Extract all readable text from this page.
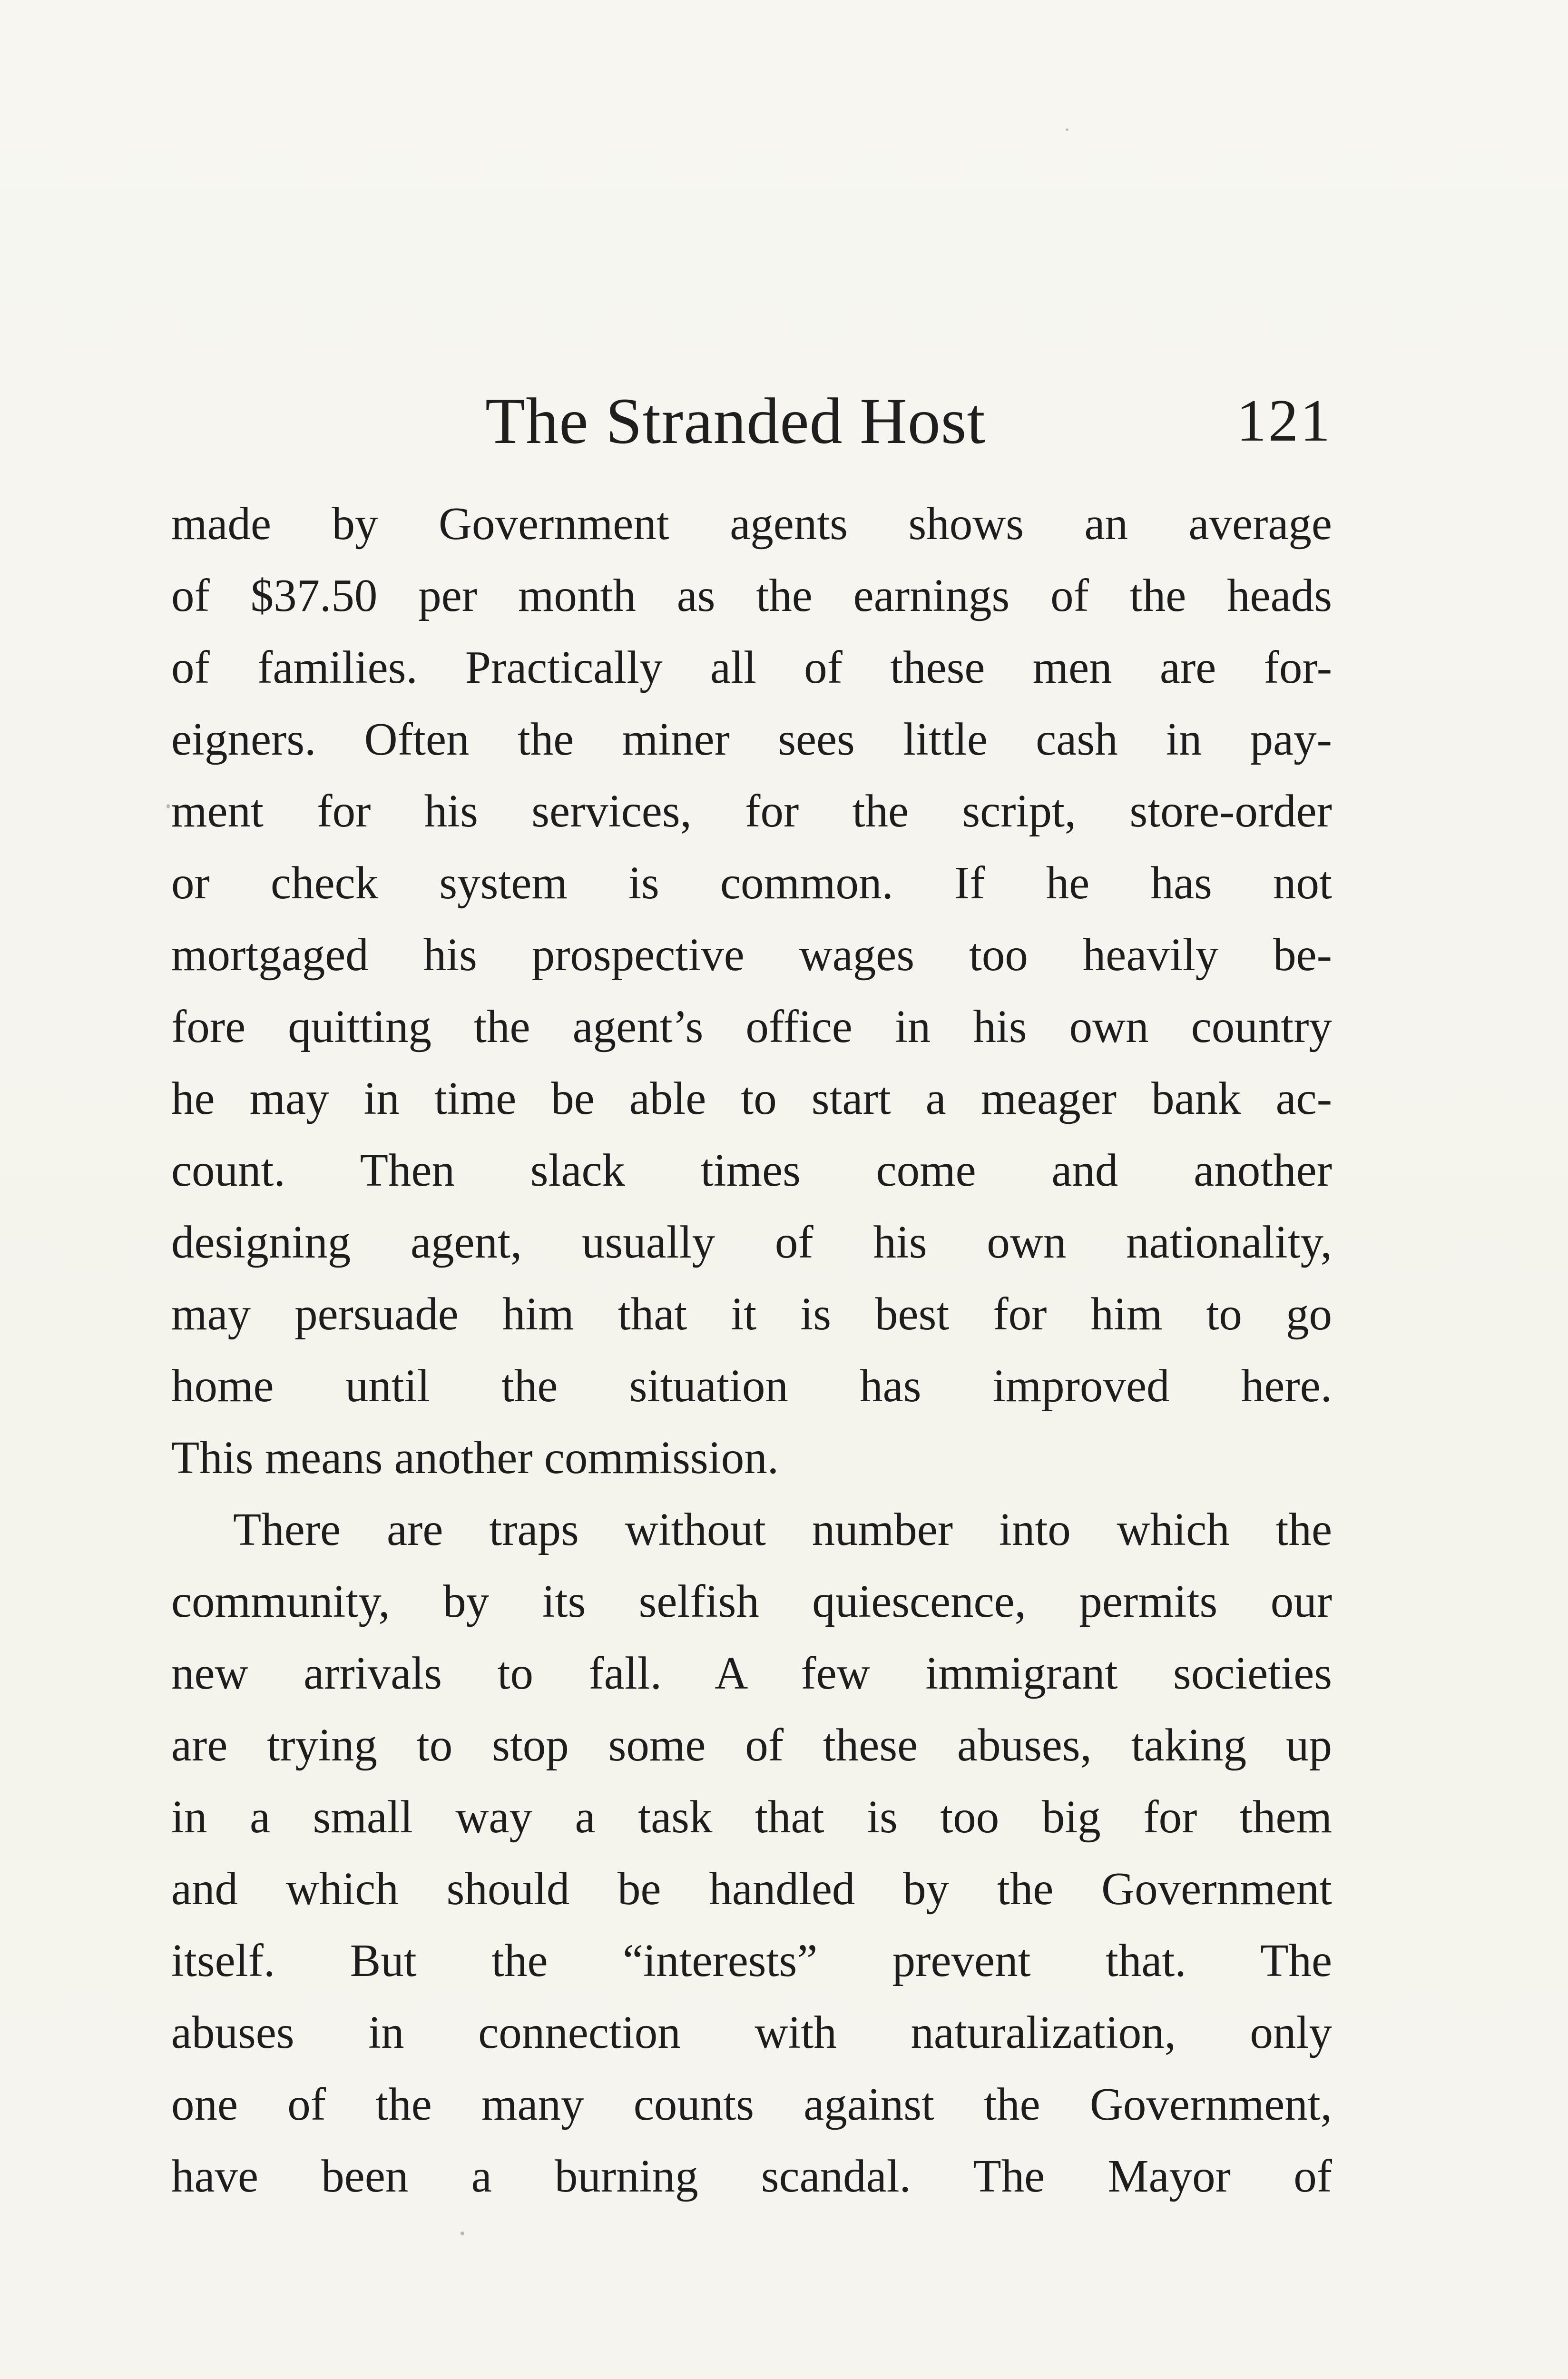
The Stranded Host	121
made by Government agents shows an average
of $37.50 per month as the earnings of the heads
of families. Practically all of these men are for-
eigners. Often the miner sees little cash in pay-
ment for his services, for the script, store-order
or check system is common. If he has not
mortgaged his prospective wages too heavily be-
fore quitting the agent’s office in his own country
he may in time be able to start a meager bank ac-
count. Then slack times come and another
designing agent, usually of his own nationality,
may persuade him that it is best for him to go
home until the situation has improved here.
This means another commission.
There are traps without number into which the
community, by its selfish quiescence, permits our
new arrivals to fall. A few immigrant societies
are trying to stop some of these abuses, taking up
in a small way a task that is too big for them
and which should be handled by the Government
itself. But the “interests” prevent that. The
abuses in connection with naturalization, only
one of the many counts against the Government,
have been a burning scandal. The Mayor of
